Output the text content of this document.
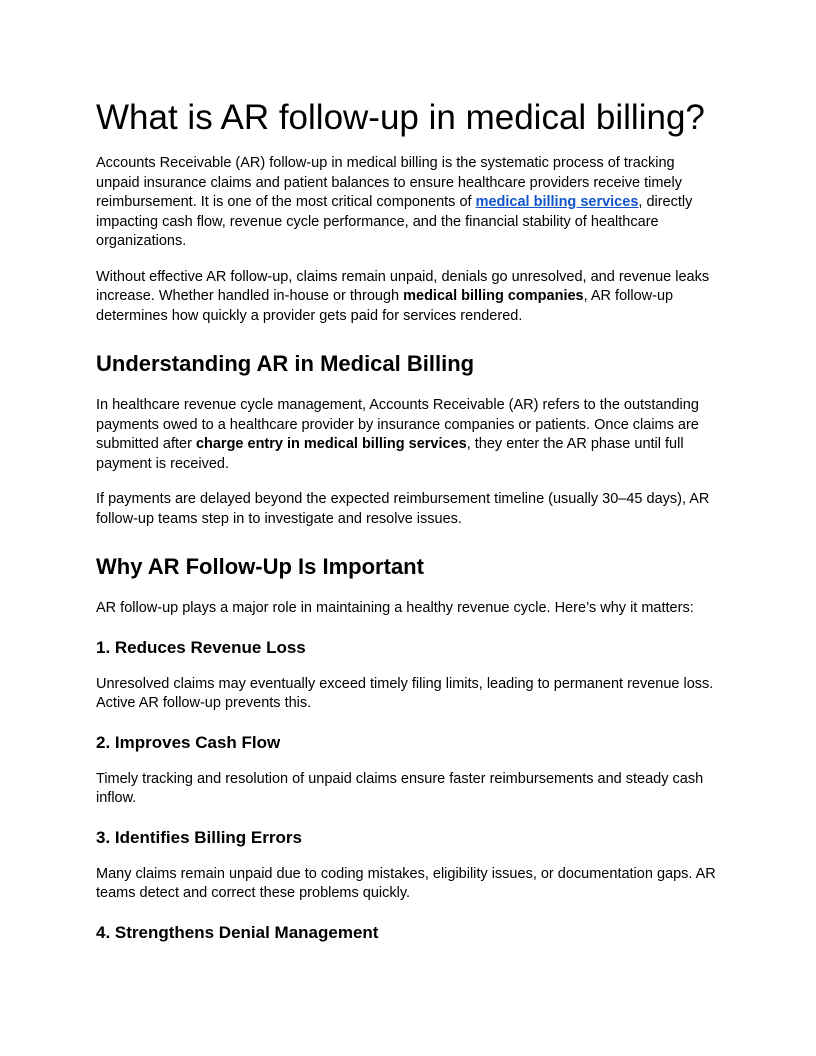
What is AR follow-up in medical billing?

Accounts Receivable (AR) follow-up in medical billing is the systematic process of tracking unpaid insurance claims and patient balances to ensure healthcare providers receive timely reimbursement. It is one of the most critical components of medical billing services, directly impacting cash flow, revenue cycle performance, and the financial stability of healthcare organizations.

Without effective AR follow-up, claims remain unpaid, denials go unresolved, and revenue leaks increase. Whether handled in-house or through medical billing companies, AR follow-up determines how quickly a provider gets paid for services rendered.

Understanding AR in Medical Billing

In healthcare revenue cycle management, Accounts Receivable (AR) refers to the outstanding payments owed to a healthcare provider by insurance companies or patients. Once claims are submitted after charge entry in medical billing services, they enter the AR phase until full payment is received.

If payments are delayed beyond the expected reimbursement timeline (usually 30–45 days), AR follow-up teams step in to investigate and resolve issues.

Why AR Follow-Up Is Important

AR follow-up plays a major role in maintaining a healthy revenue cycle. Here’s why it matters:

1. Reduces Revenue Loss

Unresolved claims may eventually exceed timely filing limits, leading to permanent revenue loss. Active AR follow-up prevents this.

2. Improves Cash Flow

Timely tracking and resolution of unpaid claims ensure faster reimbursements and steady cash inflow.

3. Identifies Billing Errors

Many claims remain unpaid due to coding mistakes, eligibility issues, or documentation gaps. AR teams detect and correct these problems quickly.

4. Strengthens Denial Management
